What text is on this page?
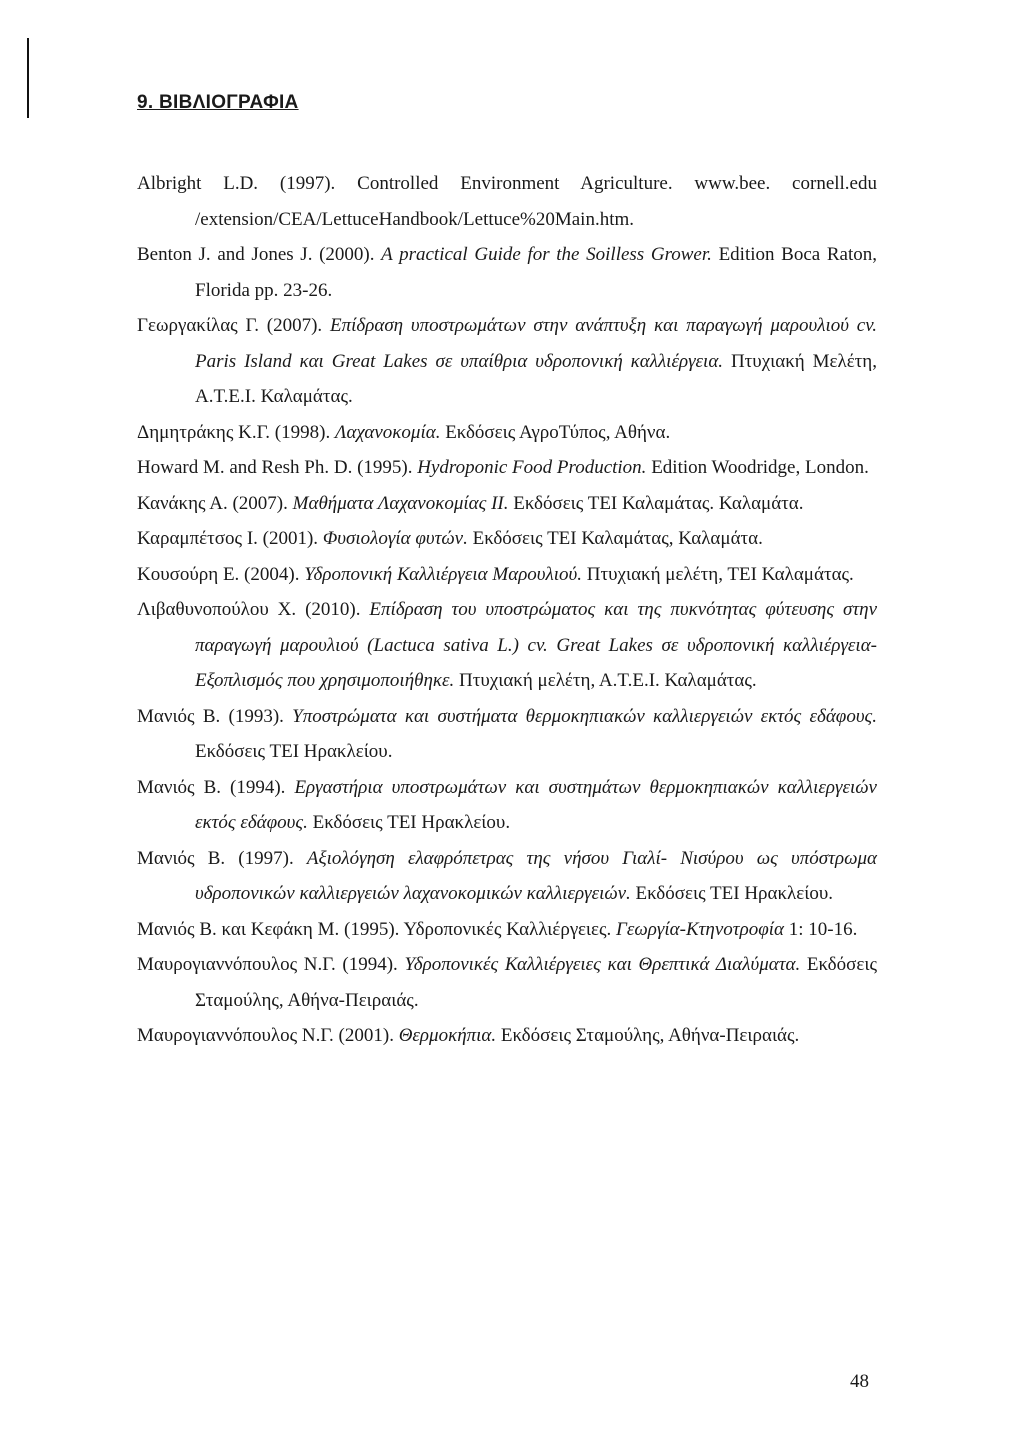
9. ΒΙΒΛΙΟΓΡΑΦΙΑ

Albright L.D. (1997). Controlled Environment Agriculture. www.bee. cornell.edu /extension/CEA/LettuceHandbook/Lettuce%20Main.htm.

Benton J. and Jones J. (2000). A practical Guide for the Soilless Grower. Edition Boca Raton, Florida pp. 23-26.

Γεωργακίλας Γ. (2007). Επίδραση υποστρωμάτων στην ανάπτυξη και παραγωγή μαρουλιού cv. Paris Island και Great Lakes σε υπαίθρια υδροπονική καλλιέργεια. Πτυχιακή Μελέτη, Α.Τ.Ε.Ι. Καλαμάτας.

Δημητράκης Κ.Γ. (1998). Λαχανοκομία. Εκδόσεις ΑγροΤύπος, Αθήνα.

Howard M. and Resh Ph. D. (1995). Hydroponic Food Production. Edition Woodridge, London.

Κανάκης Α. (2007). Μαθήματα Λαχανοκομίας ΙΙ. Εκδόσεις ΤΕΙ Καλαμάτας. Καλαμάτα.

Καραμπέτσος Ι. (2001). Φυσιολογία φυτών. Εκδόσεις ΤΕΙ Καλαμάτας, Καλαμάτα.

Κουσούρη Ε. (2004). Υδροπονική Καλλιέργεια Μαρουλιού. Πτυχιακή μελέτη, ΤΕΙ Καλαμάτας.

Λιβαθυνοπούλου Χ. (2010). Επίδραση του υποστρώματος και της πυκνότητας φύτευσης στην παραγωγή μαρουλιού (Lactuca sativa L.) cv. Great Lakes σε υδροπονική καλλιέργεια-Εξοπλισμός που χρησιμοποιήθηκε. Πτυχιακή μελέτη, Α.Τ.Ε.Ι. Καλαμάτας.

Μανιός Β. (1993). Υποστρώματα και συστήματα θερμοκηπιακών καλλιεργειών εκτός εδάφους. Εκδόσεις ΤΕΙ Ηρακλείου.

Μανιός Β. (1994). Εργαστήρια υποστρωμάτων και συστημάτων θερμοκηπιακών καλλιεργειών εκτός εδάφους. Εκδόσεις ΤΕΙ Ηρακλείου.

Μανιός Β. (1997). Αξιολόγηση ελαφρόπετρας της νήσου Γιαλί- Νισύρου ως υπόστρωμα υδροπονικών καλλιεργειών λαχανοκομικών καλλιεργειών. Εκδόσεις ΤΕΙ Ηρακλείου.

Μανιός Β. και Κεφάκη Μ. (1995). Υδροπονικές Καλλιέργειες. Γεωργία-Κτηνοτροφία 1: 10-16.

Μαυρογιαννόπουλος Ν.Γ. (1994). Υδροπονικές Καλλιέργειες και Θρεπτικά Διαλύματα. Εκδόσεις Σταμούλης, Αθήνα-Πειραιάς.

Μαυρογιαννόπουλος Ν.Γ. (2001). Θερμοκήπια. Εκδόσεις Σταμούλης, Αθήνα-Πειραιάς.

48
